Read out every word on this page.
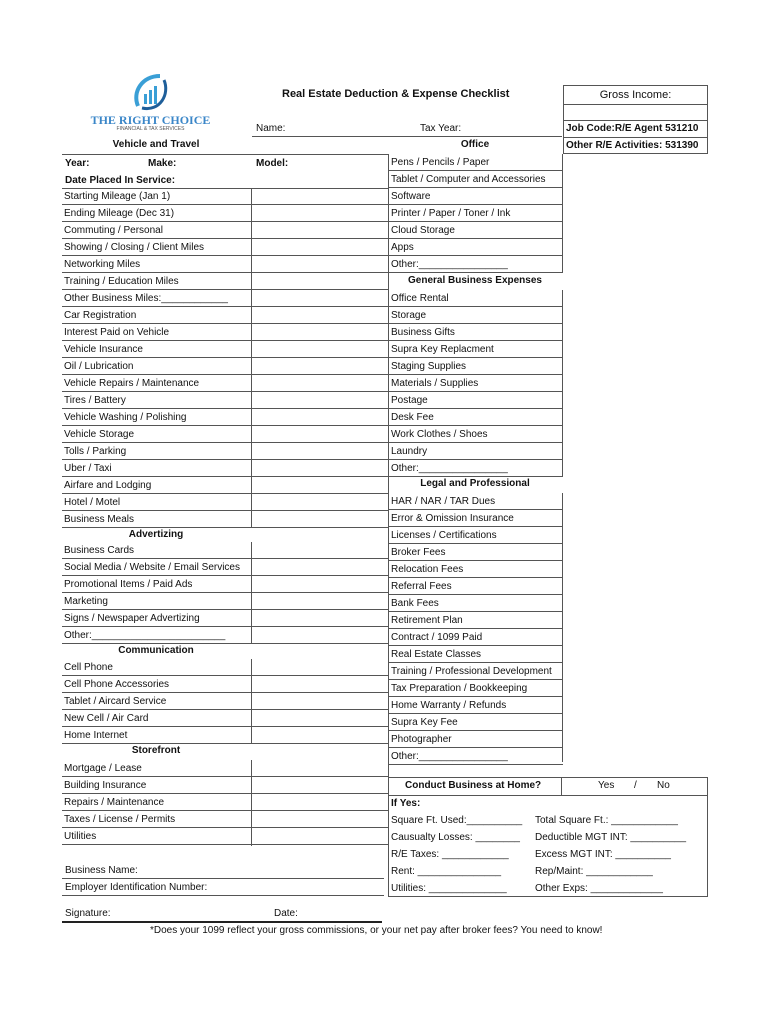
THE RIGHT CHOICE
FINANCIAL & TAX SERVICES
Real Estate Deduction & Expense Checklist	Gross Income:
Job Code:R/E Agent 531210
Other R/E Activities: 531390
Name:	Tax Year:
Vehicle and Travel
Year:	Make:	Model:
Date Placed In Service:
Starting Mileage (Jan 1)
Ending Mileage (Dec 31)
Commuting / Personal
Showing / Closing / Client Miles
Networking Miles
Training / Education Miles
Other Business Miles:____________
Car Registration
Interest Paid on Vehicle
Vehicle Insurance
Oil / Lubrication
Vehicle Repairs / Maintenance
Tires / Battery
Vehicle Washing / Polishing
Vehicle Storage
Tolls / Parking
Uber / Taxi
Airfare and Lodging
Hotel / Motel
Business Meals
Advertizing
Business Cards
Social Media / Website / Email Services
Promotional Items / Paid Ads
Marketing
Signs / Newspaper Advertizing
Other:________________________
Communication
Cell Phone
Cell Phone Accessories
Tablet / Aircard Service
New Cell / Air Card
Home Internet
Storefront
Mortgage / Lease
Building Insurance
Repairs / Maintenance
Taxes / License / Permits
Utilities
Business Name:
Employer Identification Number:
Signature:	Date:
*Does your 1099 reflect your gross commissions, or your net pay after broker fees? You need to know!
Office
Pens / Pencils / Paper
Tablet / Computer and Accessories
Software
Printer / Paper / Toner / Ink
Cloud Storage
Apps
Other:________________
General Business Expenses
Office Rental
Storage
Business Gifts
Supra Key Replacment
Staging Supplies
Materials / Supplies
Postage
Desk Fee
Work Clothes / Shoes
Laundry
Other:________________
Legal and Professional
HAR / NAR / TAR Dues
Error & Omission Insurance
Licenses / Certifications
Broker Fees
Relocation Fees
Referral Fees
Bank Fees
Retirement Plan
Contract / 1099 Paid
Real Estate Classes
Training / Professional Development
Tax Preparation / Bookkeeping
Home Warranty / Refunds
Supra Key Fee
Photographer
Other:________________
Conduct Business at Home?	Yes / No
If Yes:
Square Ft. Used:__________ Total Square Ft.: ____________
Causualty Losses: ________ Deductible MGT INT: __________
R/E Taxes: ____________	Excess MGT INT: __________
Rent: _______________	Rep/Maint: ____________
Utilities: ______________	Other Exps: _____________
